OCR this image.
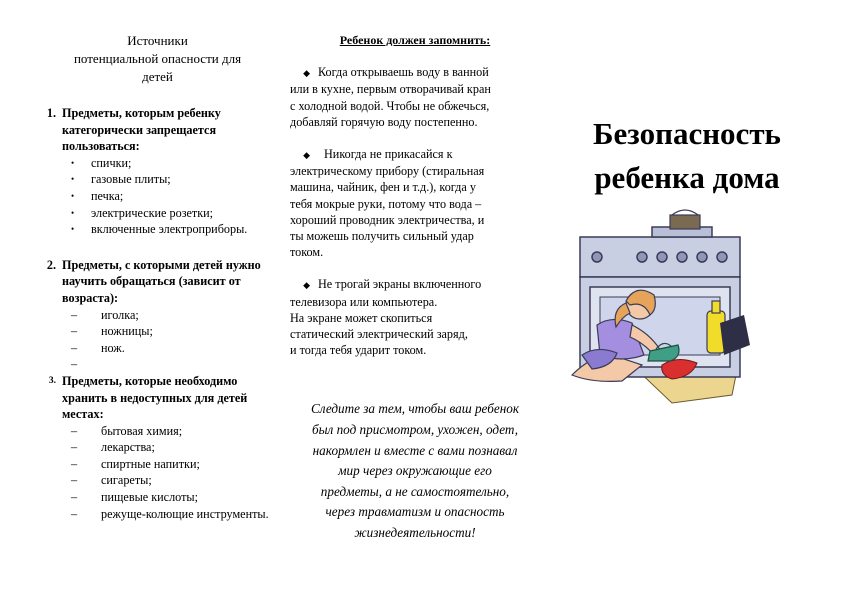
Источники
потенциальной опасности для
детей
1. Предметы, которым ребенку категорически запрещается пользоваться:
•	спички;
•	газовые плиты;
•	печка;
•	электрические розетки;
•	включенные электроприборы.
2. Предметы, с которыми детей нужно научить обращаться (зависит от возраста):
–	иголка;
–	ножницы;
–	нож.
–
3. Предметы, которые необходимо хранить в недоступных для детей местах:
–	бытовая химия;
–	лекарства;
–	спиртные напитки;
–	сигареты;
–	пищевые кислоты;
–	режуще-колющие инструменты.
Ребенок должен запомнить:
◆ Когда открываешь воду в ванной
или в кухне, первым отворачивай кран
с холодной водой. Чтобы не обжечься,
добавляй горячую воду постепенно.
◆ Никогда не прикасайся к
электрическому прибору (стиральная
машина, чайник, фен и т.д.), когда у
тебя мокрые руки, потому что вода –
хороший проводник электричества, и
ты можешь получить сильный удар
током.
◆ Не трогай экраны включенного
телевизора или компьютера.
На экране может скопиться
статический электрический заряд,
и тогда тебя ударит током.
Следите за тем, чтобы ваш ребенок
был под присмотром, ухожен, одет,
накормлен и вместе с вами познавал
мир через окружающие его
предметы, а не самостоятельно,
через травматизм и опасность
жизнедеятельности!
Безопасность
ребенка дома
